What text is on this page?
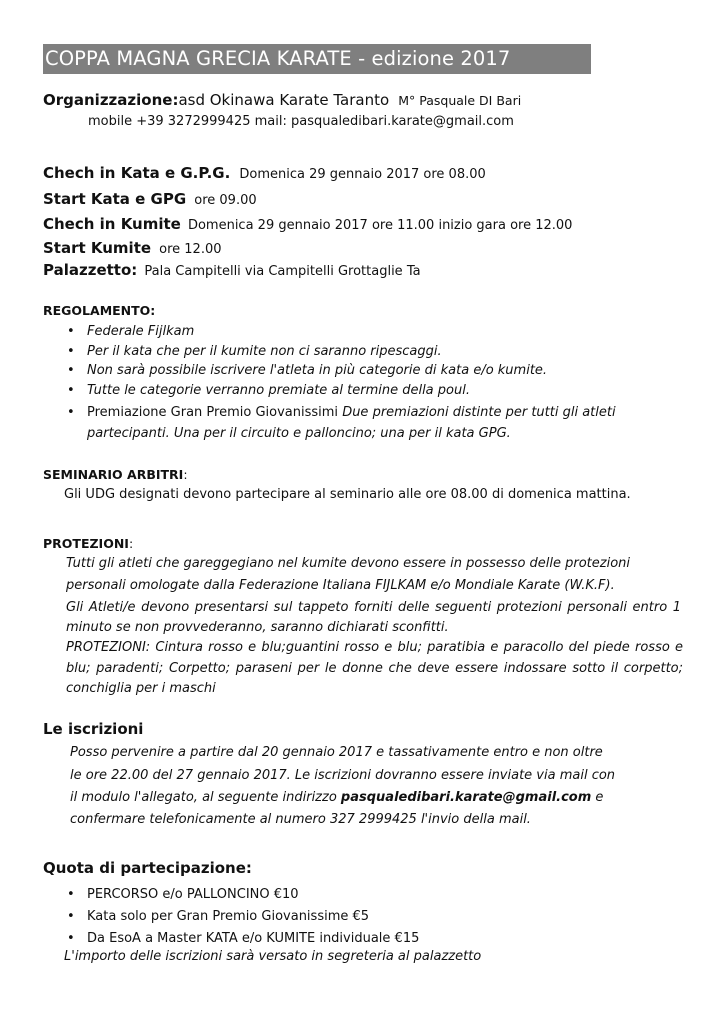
COPPA MAGNA GRECIA KARATE - edizione 2017
Organizzazione:asd Okinawa Karate Taranto M° Pasquale DI Bari
mobile +39 3272999425 mail: pasqualedibari.karate@gmail.com
Chech in Kata e G.P.G. Domenica 29 gennaio 2017 ore 08.00
Start Kata e GPG ore 09.00
Chech in Kumite Domenica 29 gennaio 2017 ore 11.00 inizio gara ore 12.00
Start Kumite ore 12.00
Palazzetto: Pala Campitelli via Campitelli Grottaglie Ta
REGOLAMENTO:
• Federale Fijlkam
• Per il kata che per il kumite non ci saranno ripescaggi.
• Non sarà possibile iscrivere l'atleta in più categorie di kata e/o kumite.
• Tutte le categorie verranno premiate al termine della poul.
• Premiazione Gran Premio Giovanissimi Due premiazioni distinte per tutti gli atleti
partecipanti. Una per il circuito e palloncino; una per il kata GPG.
SEMINARIO ARBITRI:
Gli UDG designati devono partecipare al seminario alle ore 08.00 di domenica mattina.
PROTEZIONI:
Tutti gli atleti che gareggegiano nel kumite devono essere in possesso delle protezioni
personali omologate dalla Federazione Italiana FIJLKAM e/o Mondiale Karate (W.K.F).
Gli Atleti/e devono presentarsi sul tappeto forniti delle seguenti protezioni personali entro 1 minuto se non provvederanno, saranno dichiarati sconfitti.
PROTEZIONI: Cintura rosso e blu;guantini rosso e blu; paratibia e paracollo del piede rosso e blu; paradenti; Corpetto; paraseni per le donne che deve essere indossare sotto il corpetto; conchiglia per i maschi
Le iscrizioni
Posso pervenire a partire dal 20 gennaio 2017 e tassativamente entro e non oltre
le ore 22.00 del 27 gennaio 2017. Le iscrizioni dovranno essere inviate via mail con
il modulo l'allegato, al seguente indirizzo pasqualedibari.karate@gmail.com e
confermare telefonicamente al numero 327 2999425 l'invio della mail.
Quota di partecipazione:
• PERCORSO e/o PALLONCINO €10
• Kata solo per Gran Premio Giovanissime €5
• Da EsoA a Master KATA e/o KUMITE individuale €15
L'importo delle iscrizioni sarà versato in segreteria al palazzetto
